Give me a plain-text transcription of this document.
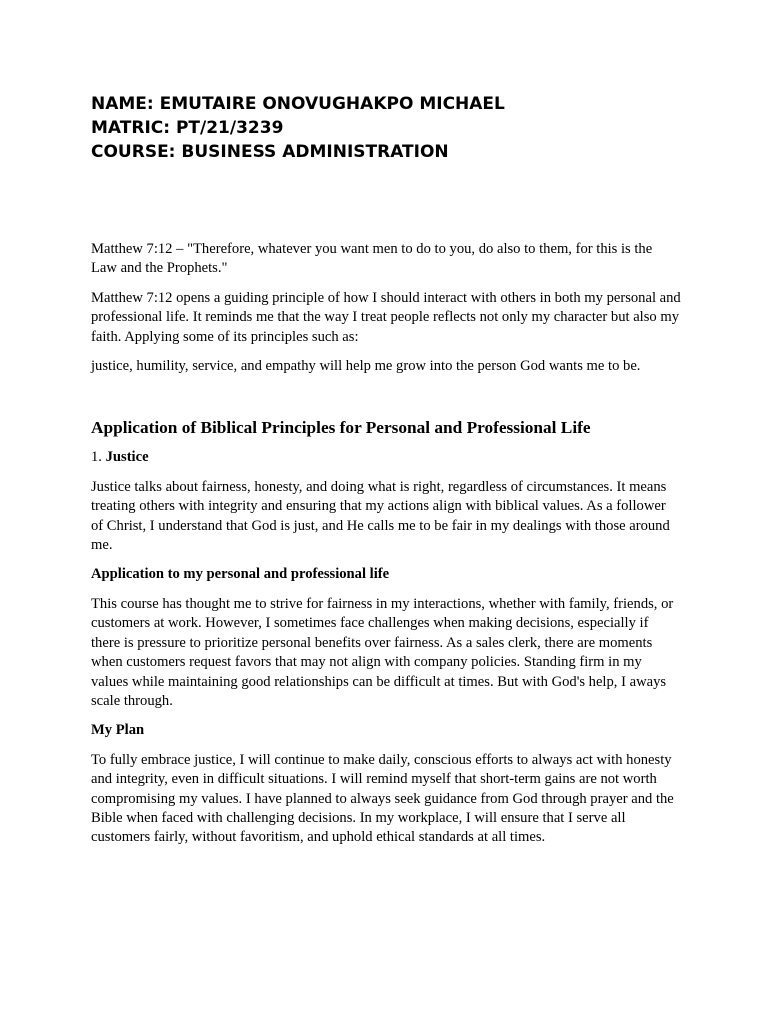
NAME: EMUTAIRE ONOVUGHAKPO MICHAEL

MATRIC: PT/21/3239

COURSE: BUSINESS ADMINISTRATION

Matthew 7:12 – "Therefore, whatever you want men to do to you, do also to them, for this is the Law and the Prophets."

Matthew 7:12 opens a guiding principle of how I should interact with others in both my personal and professional life. It reminds me that the way I treat people reflects not only my character but also my faith. Applying some of its principles such as:

justice, humility, service, and empathy will help me grow into the person God wants me to be.

Application of Biblical Principles for Personal and Professional Life

1. Justice

Justice talks about fairness, honesty, and doing what is right, regardless of circumstances. It means treating others with integrity and ensuring that my actions align with biblical values. As a follower of Christ, I understand that God is just, and He calls me to be fair in my dealings with those around me.

Application to my personal and professional life

This course has thought me to strive for fairness in my interactions, whether with family, friends, or customers at work. However, I sometimes face challenges when making decisions, especially if there is pressure to prioritize personal benefits over fairness. As a sales clerk, there are moments when customers request favors that may not align with company policies. Standing firm in my values while maintaining good relationships can be difficult at times. But with God's help, I aways scale through.

My Plan

To fully embrace justice, I will continue to make daily, conscious efforts to always act with honesty and integrity, even in difficult situations. I will remind myself that short-term gains are not worth compromising my values. I have planned to always seek guidance from God through prayer and the Bible when faced with challenging decisions. In my workplace, I will ensure that I serve all customers fairly, without favoritism, and uphold ethical standards at all times.
